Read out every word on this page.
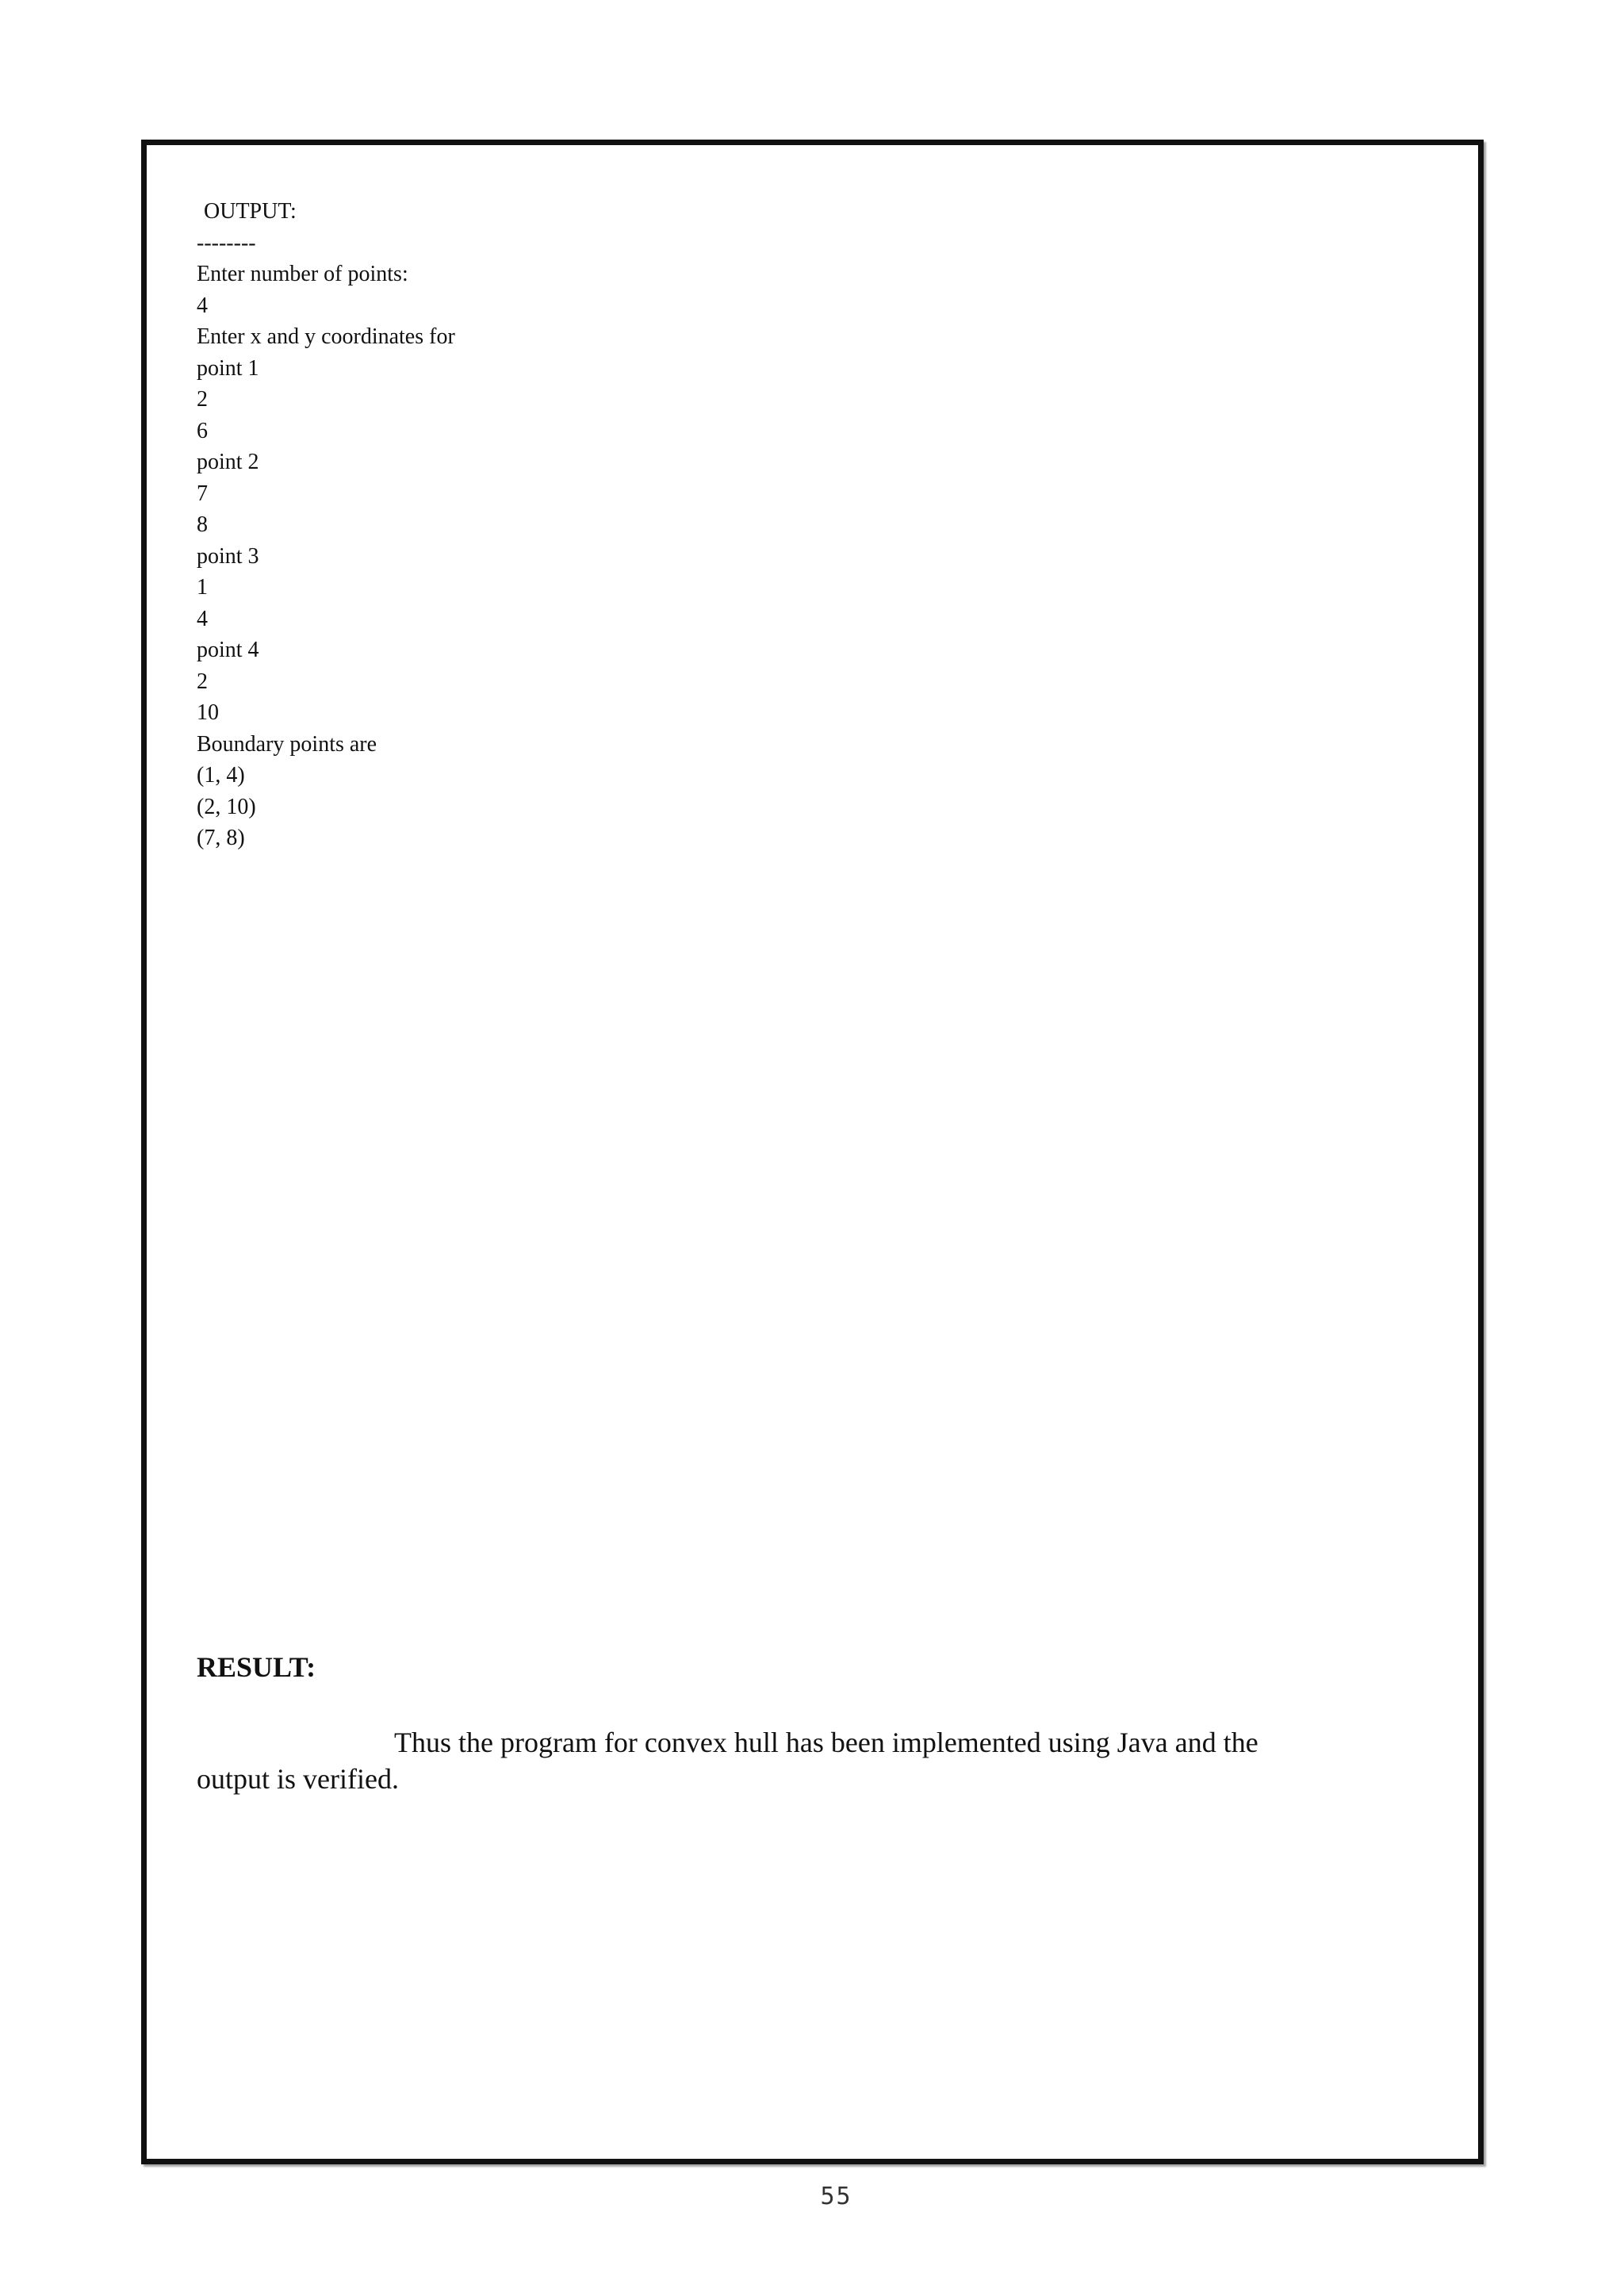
OUTPUT:
--------
Enter number of points:
4
Enter x and y coordinates for
point 1
2
6
point 2
7
8
point 3
1
4
point 4
2
10
Boundary points are
(1, 4)
(2, 10)
(7, 8)
RESULT:
Thus the program for convex hull has been implemented using Java and the
output is verified.
55
